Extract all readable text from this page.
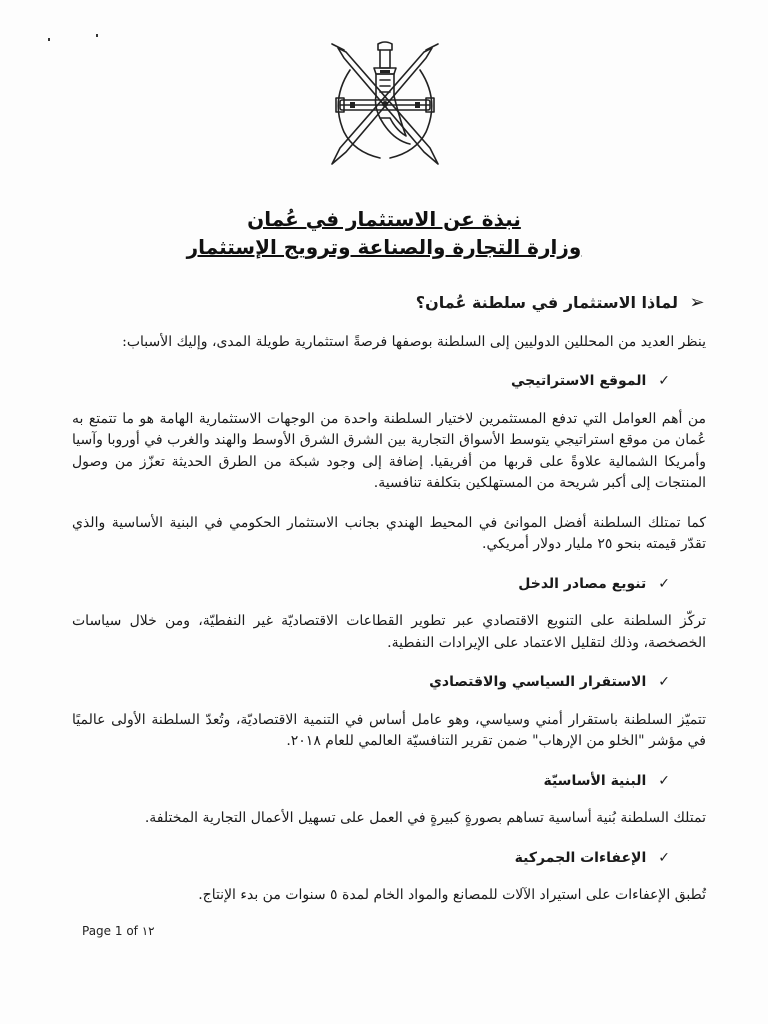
نبذة عن الاستثمار في عُمان
وزارة التجارة والصناعة وترويج الإستثمار
➢
لماذا الاستثمار في سلطنة عُمان؟

ينظر العديد من المحللين الدوليين إلى السلطنة بوصفها فرصةً استثمارية طويلة المدى، وإليك الأسباب:

✓
الموقع الاستراتيجي

من أهم العوامل التي تدفع المستثمرين لاختيار السلطنة واحدة من الوجهات الاستثمارية الهامة هو ما تتمتع به عُمان من موقع استراتيجي يتوسط الأسواق التجارية بين الشرق الشرق الأوسط والهند والغرب في أوروبا وآسيا وأمريكا الشمالية علاوةً على قربها من أفريقيا. إضافة إلى وجود شبكة من الطرق الحديثة تعزّز من وصول المنتجات إلى أكبر شريحة من المستهلكين بتكلفة تنافسية.

كما تمتلك السلطنة أفضل الموانئ في المحيط الهندي بجانب الاستثمار الحكومي في البنية الأساسية والذي تقدّر قيمته بنحو ٢٥ مليار دولار أمريكي.

✓
تنويع مصادر الدخل

تركّز السلطنة على التنويع الاقتصادي عبر تطوير القطاعات الاقتصاديّة غير النفطيّة، ومن خلال سياسات الخصخصة، وذلك لتقليل الاعتماد على الإيرادات النفطية.

✓
الاستقرار السياسي والاقتصادي

تتميّز السلطنة باستقرار أمني وسياسي، وهو عامل أساس في التنمية الاقتصاديّة، وتُعدّ السلطنة الأولى عالميًا في مؤشر "الخلو من الإرهاب" ضمن تقرير التنافسيّة العالمي للعام ٢٠١٨.

✓
البنية الأساسيّة

تمتلك السلطنة بُنية أساسية تساهم بصورةٍ كبيرةٍ في العمل على تسهيل الأعمال التجارية المختلفة.

✓
الإعفاءات الجمركية

تُطبق الإعفاءات على استيراد الآلات للمصانع والمواد الخام لمدة ٥ سنوات من بدء الإنتاج.

Page 1 of ١٢
